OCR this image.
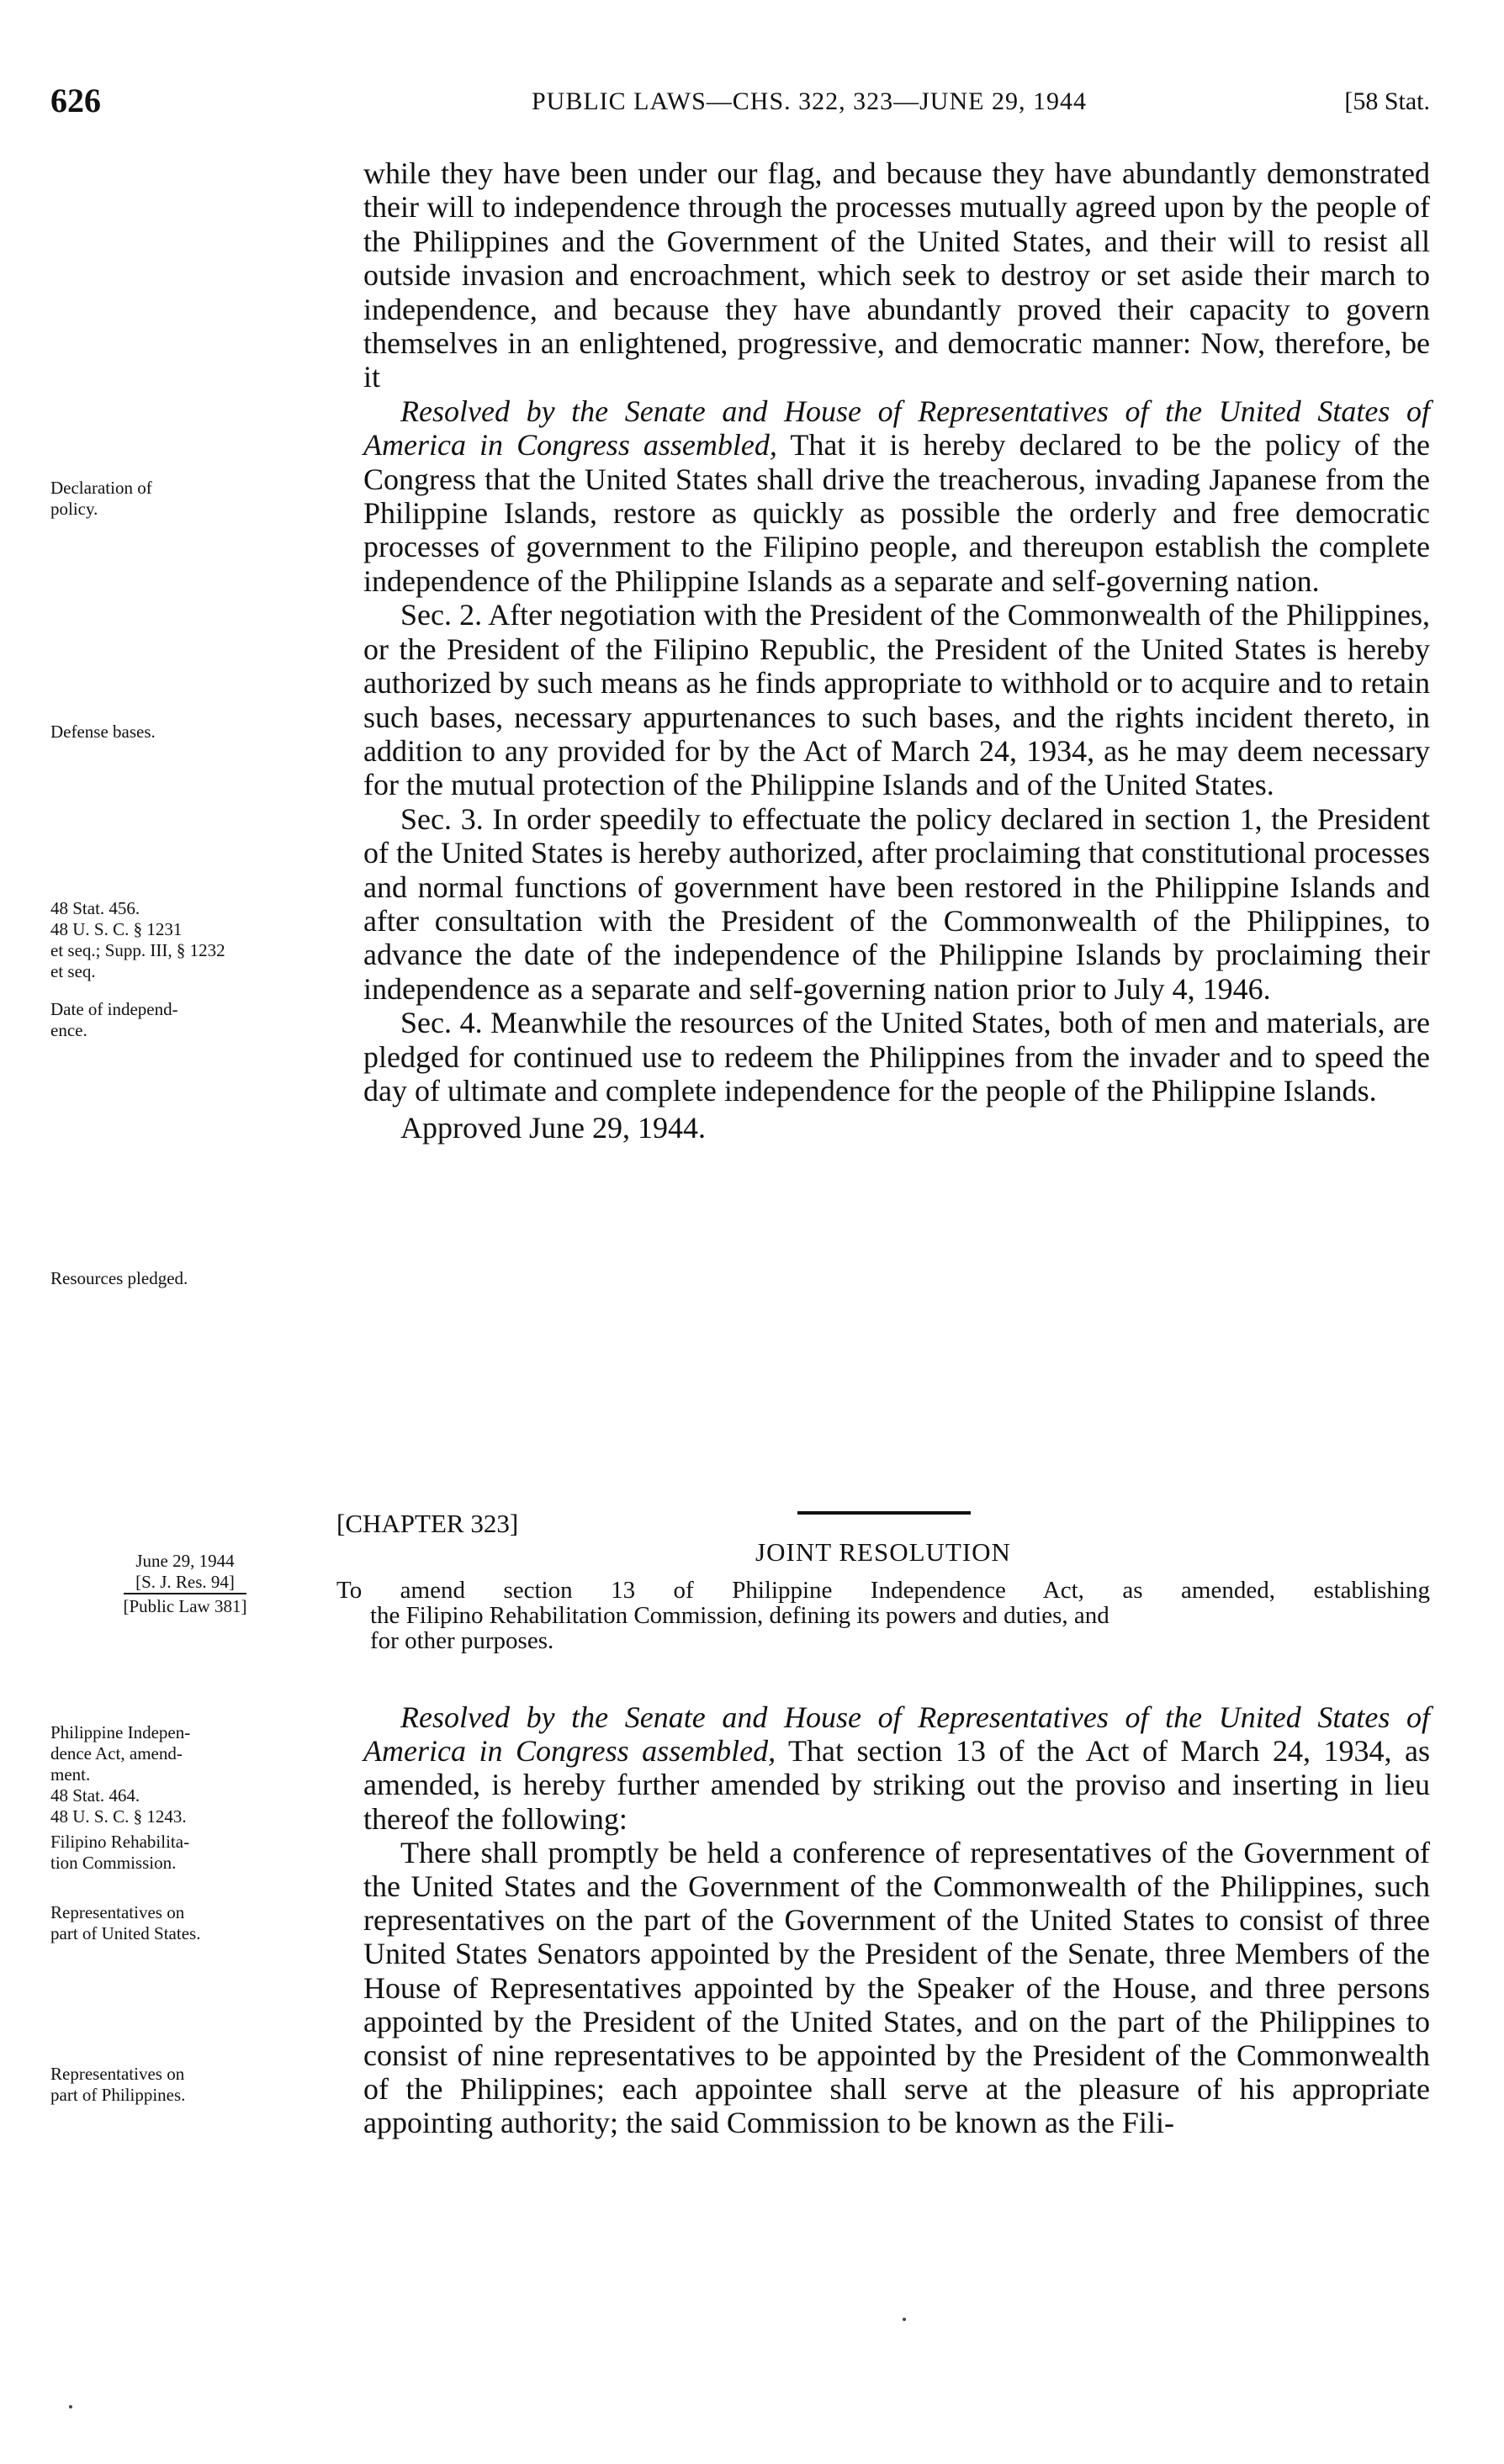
626	PUBLIC LAWS—CHS. 322, 323—JUNE 29, 1944	[58 Stat.
Declaration of
policy.
Defense bases.
48 Stat. 456.
48 U. S. C. § 1231
et seq.; Supp. III, § 1232
et seq.
Date of independ-
ence.
Resources pledged.

while they have been under our flag, and because they have abundantly demonstrated their will to independence through the processes mutually agreed upon by the people of the Philippines and the Government of the United States, and their will to resist all outside invasion and encroachment, which seek to destroy or set aside their march to independence, and because they have abundantly proved their capacity to govern themselves in an enlightened, progressive, and democratic manner: Now, therefore, be it

Resolved by the Senate and House of Representatives of the United States of America in Congress assembled, That it is hereby declared to be the policy of the Congress that the United States shall drive the treacherous, invading Japanese from the Philippine Islands, restore as quickly as possible the orderly and free democratic processes of government to the Filipino people, and thereupon establish the complete independence of the Philippine Islands as a separate and self-governing nation.

Sec. 2. After negotiation with the President of the Commonwealth of the Philippines, or the President of the Filipino Republic, the President of the United States is hereby authorized by such means as he finds appropriate to withhold or to acquire and to retain such bases, necessary appurtenances to such bases, and the rights incident thereto, in addition to any provided for by the Act of March 24, 1934, as he may deem necessary for the mutual protection of the Philippine Islands and of the United States.

Sec. 3. In order speedily to effectuate the policy declared in section 1, the President of the United States is hereby authorized, after proclaiming that constitutional processes and normal functions of government have been restored in the Philippine Islands and after consultation with the President of the Commonwealth of the Philippines, to advance the date of the independence of the Philippine Islands by proclaiming their independence as a separate and self-governing nation prior to July 4, 1946.

Sec. 4. Meanwhile the resources of the United States, both of men and materials, are pledged for continued use to redeem the Philippines from the invader and to speed the day of ultimate and complete independence for the people of the Philippine Islands.

Approved June 29, 1944.

[CHAPTER 323]
JOINT RESOLUTION
To amend section 13 of Philippine Independence Act, as amended, establishing
the Filipino Rehabilitation Commission, defining its powers and duties, and
for other purposes.
June 29, 1944
[S. J. Res. 94]
[Public Law 381]
Philippine Indepen-
dence Act, amend-
ment.
48 Stat. 464.
48 U. S. C. § 1243.
Filipino Rehabilita-
tion Commission.
Representatives on
part of United States.
Representatives on
part of Philippines.

Resolved by the Senate and House of Representatives of the United States of America in Congress assembled, That section 13 of the Act of March 24, 1934, as amended, is hereby further amended by striking out the proviso and inserting in lieu thereof the following:

There shall promptly be held a conference of representatives of the Government of the United States and the Government of the Commonwealth of the Philippines, such representatives on the part of the Government of the United States to consist of three United States Senators appointed by the President of the Senate, three Members of the House of Representatives appointed by the Speaker of the House, and three persons appointed by the President of the United States, and on the part of the Philippines to consist of nine representatives to be appointed by the President of the Commonwealth of the Philippines; each appointee shall serve at the pleasure of his appropriate appointing authority; the said Commission to be known as the Fili-
